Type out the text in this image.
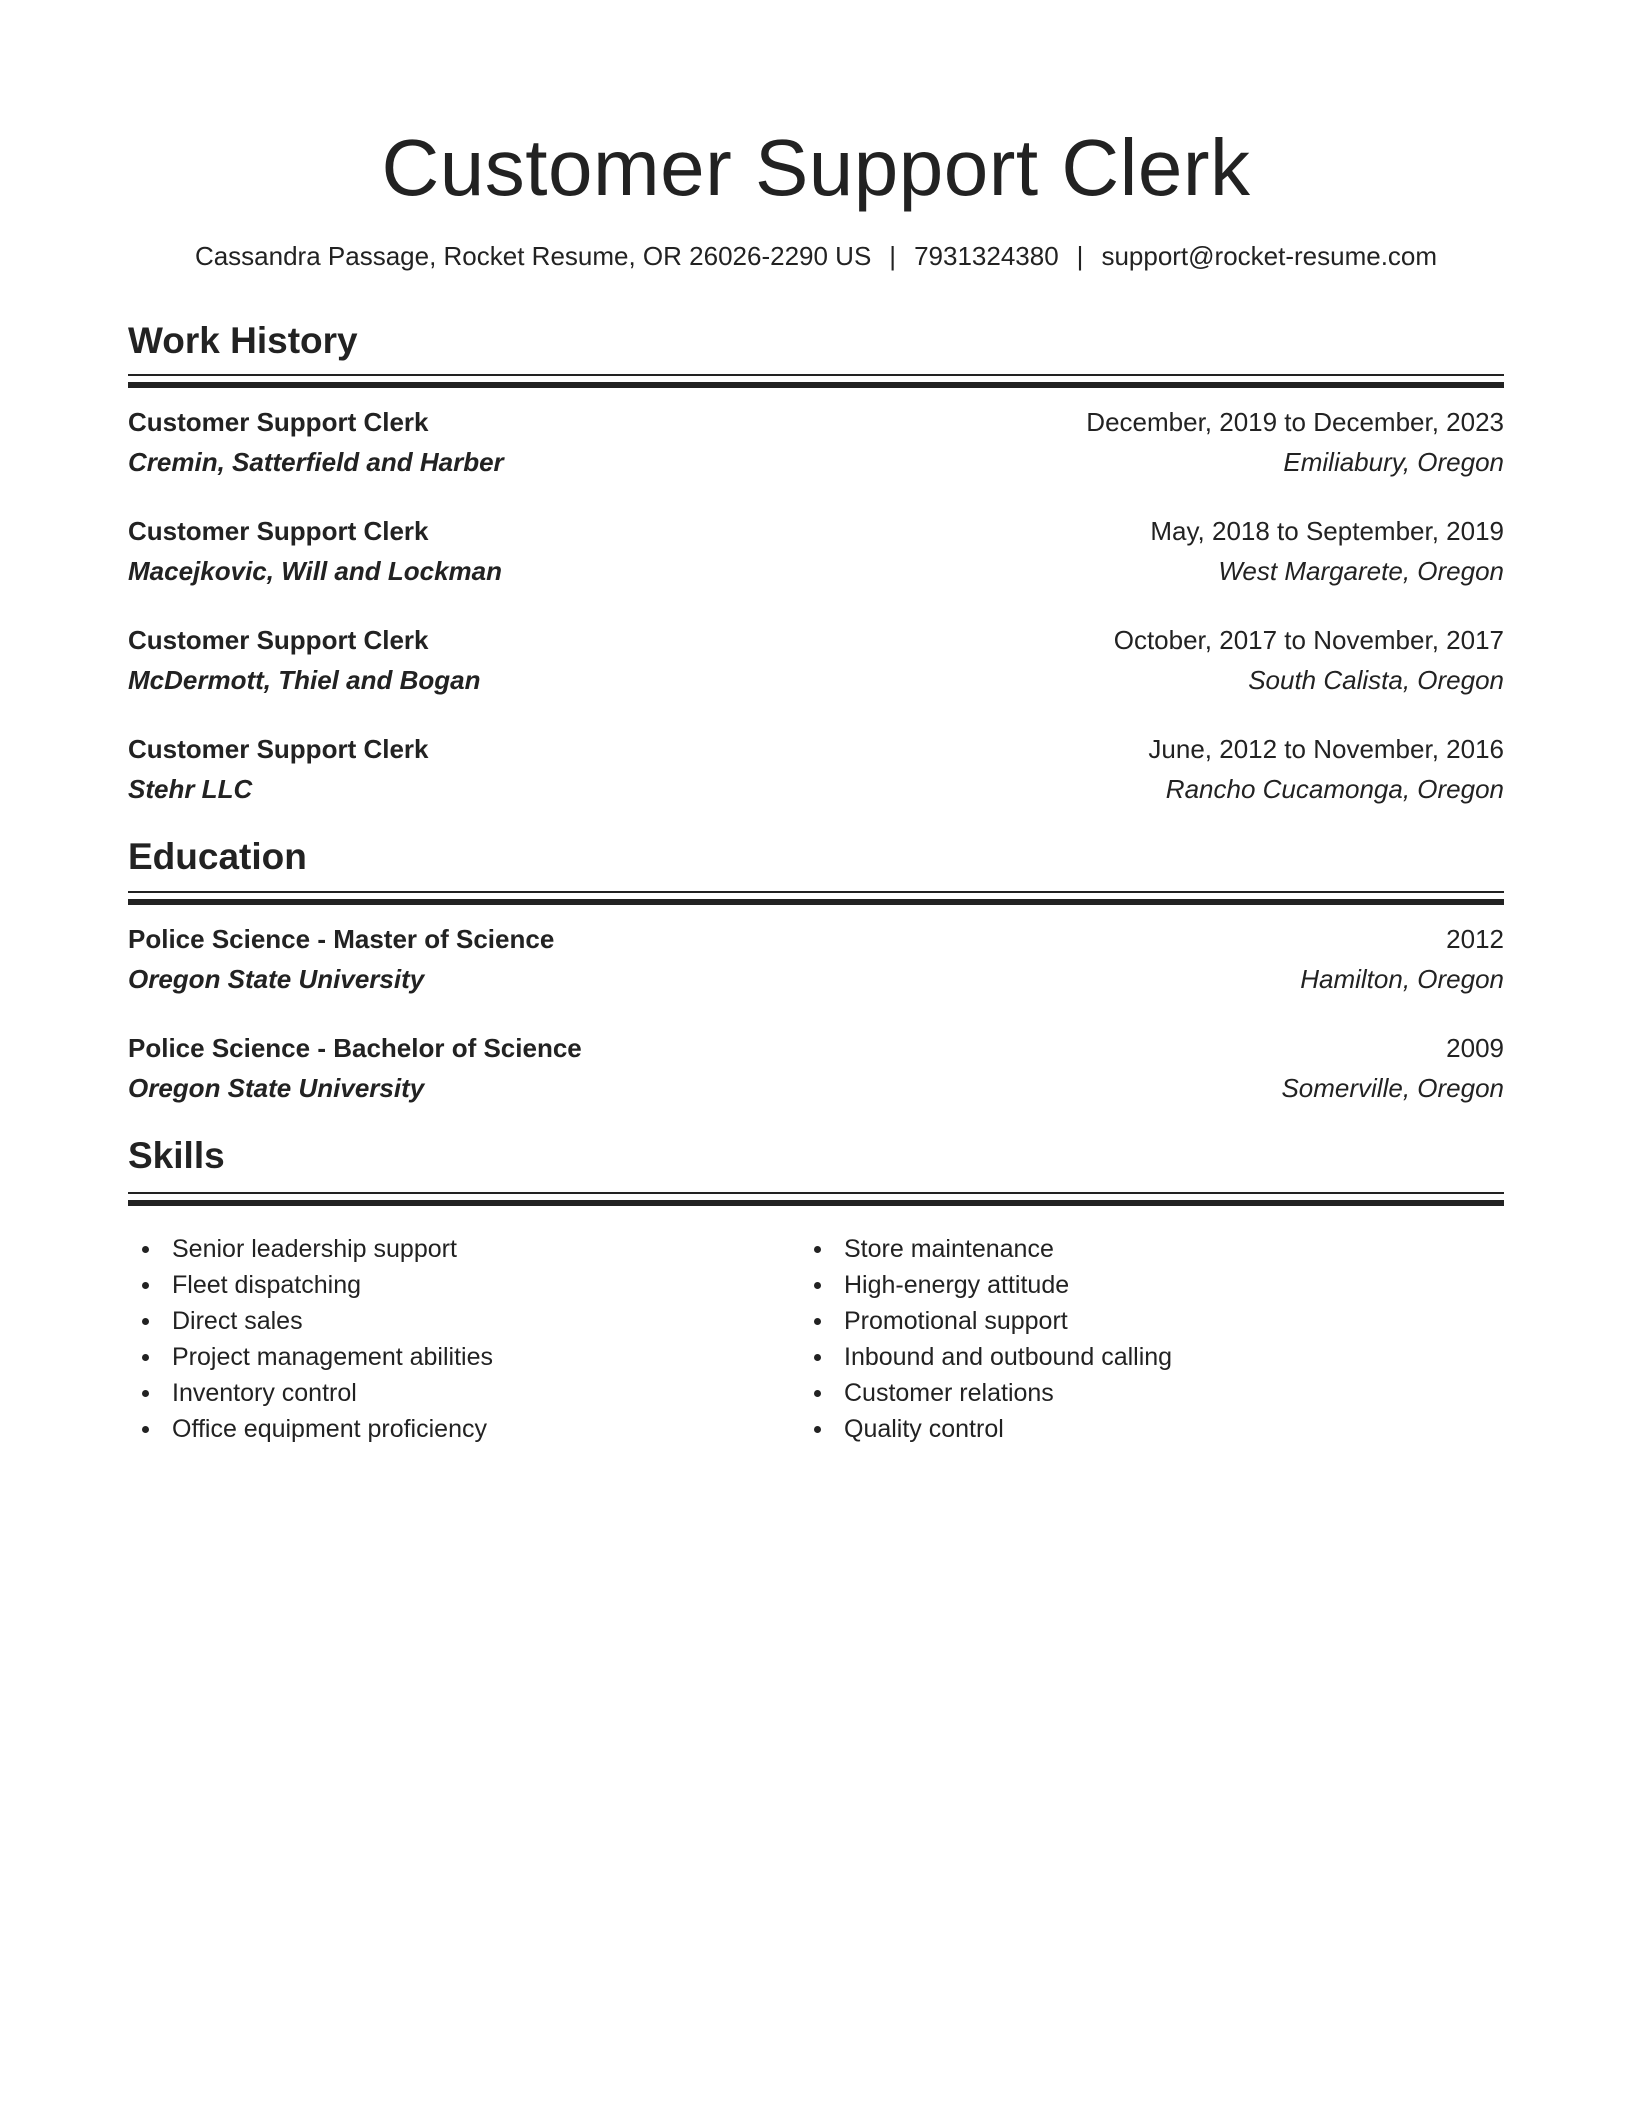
Customer Support Clerk
Cassandra Passage, Rocket Resume, OR 26026-2290 US | 7931324380 | support@rocket-resume.com
Work History
Customer Support Clerk	December, 2019 to December, 2023
Cremin, Satterfield and Harber	Emiliabury, Oregon
Customer Support Clerk	May, 2018 to September, 2019
Macejkovic, Will and Lockman	West Margarete, Oregon
Customer Support Clerk	October, 2017 to November, 2017
McDermott, Thiel and Bogan	South Calista, Oregon
Customer Support Clerk	June, 2012 to November, 2016
Stehr LLC	Rancho Cucamonga, Oregon
Education
Police Science - Master of Science	2012
Oregon State University	Hamilton, Oregon
Police Science - Bachelor of Science	2009
Oregon State University	Somerville, Oregon
Skills
Senior leadership support
Fleet dispatching
Direct sales
Project management abilities
Inventory control
Office equipment proficiency
Store maintenance
High-energy attitude
Promotional support
Inbound and outbound calling
Customer relations
Quality control
